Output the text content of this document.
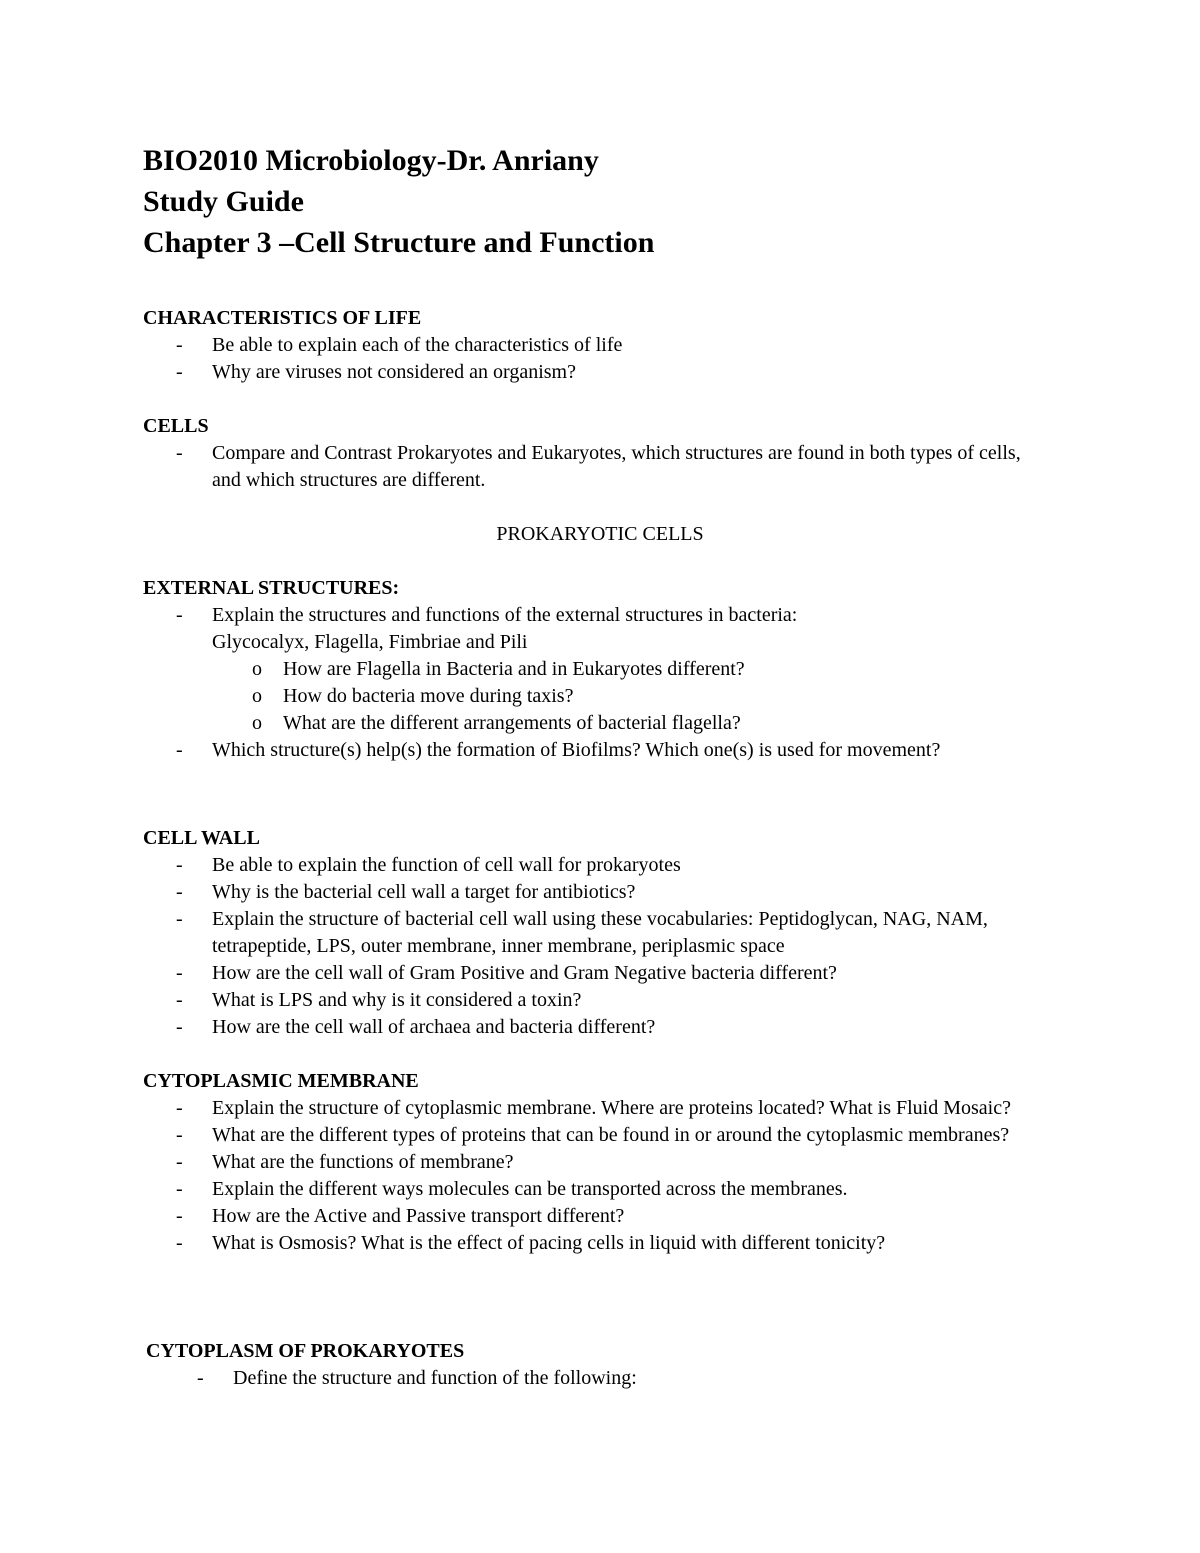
BIO2010 Microbiology-Dr. Anriany
Study Guide
Chapter 3 –Cell Structure and Function
CHARACTERISTICS OF LIFE
- Be able to explain each of the characteristics of life
- Why are viruses not considered an organism?
CELLS
- Compare and Contrast Prokaryotes and Eukaryotes, which structures are found in both types of cells, and which structures are different.
PROKARYOTIC CELLS
EXTERNAL STRUCTURES:
- Explain the structures and functions of the external structures in bacteria:
Glycocalyx, Flagella, Fimbriae and Pili
o How are Flagella in Bacteria and in Eukaryotes different?
o How do bacteria move during taxis?
o What are the different arrangements of bacterial flagella?
- Which structure(s) help(s) the formation of Biofilms? Which one(s) is used for movement?
CELL WALL
- Be able to explain the function of cell wall for prokaryotes
- Why is the bacterial cell wall a target for antibiotics?
- Explain the structure of bacterial cell wall using these vocabularies: Peptidoglycan, NAG, NAM, tetrapeptide, LPS, outer membrane, inner membrane, periplasmic space
- How are the cell wall of Gram Positive and Gram Negative bacteria different?
- What is LPS and why is it considered a toxin?
- How are the cell wall of archaea and bacteria different?
CYTOPLASMIC MEMBRANE
- Explain the structure of cytoplasmic membrane. Where are proteins located? What is Fluid Mosaic?
- What are the different types of proteins that can be found in or around the cytoplasmic membranes?
- What are the functions of membrane?
- Explain the different ways molecules can be transported across the membranes.
- How are the Active and Passive transport different?
- What is Osmosis? What is the effect of pacing cells in liquid with different tonicity?
CYTOPLASM OF PROKARYOTES
- Define the structure and function of the following:
